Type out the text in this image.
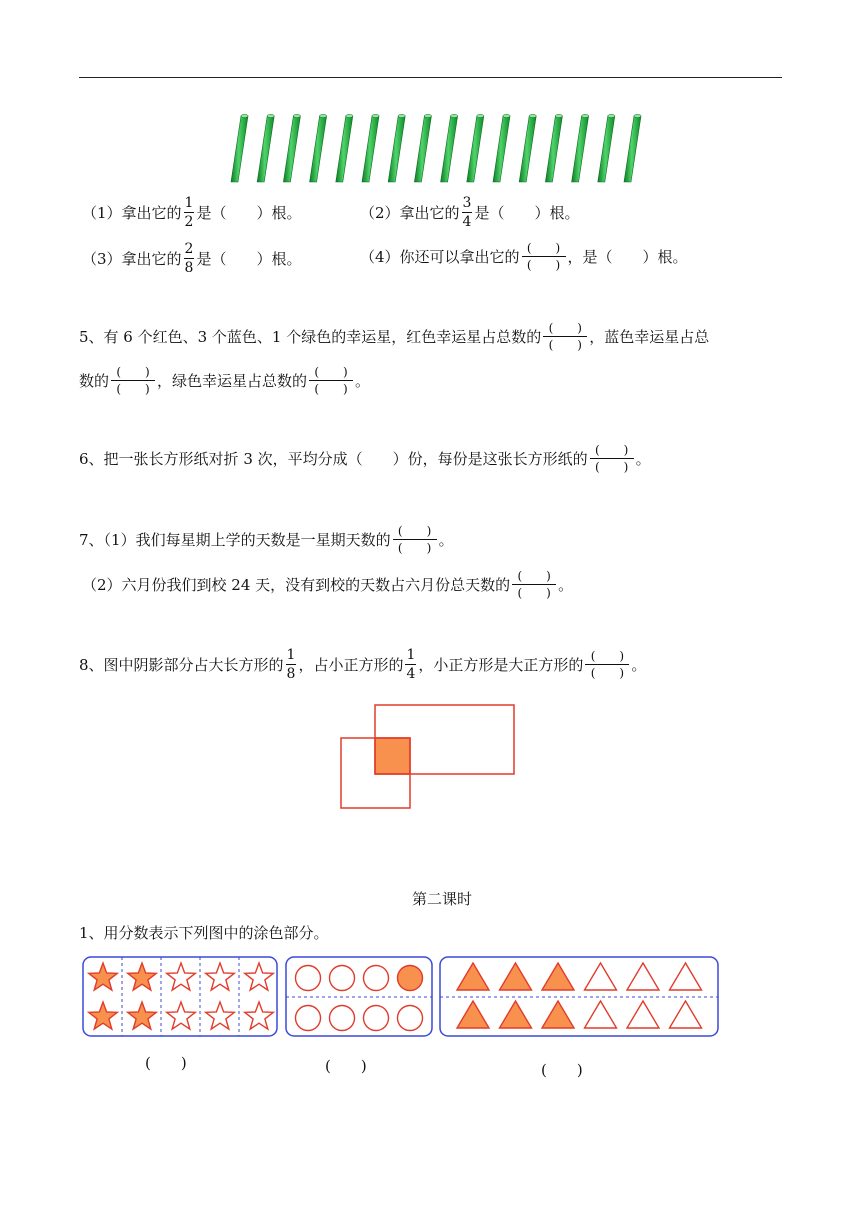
（1）拿出它的 $\frac{1}{2}$ 是（　　）根。	（2）拿出它的 $\frac{3}{4}$ 是（　　）根。
（3）拿出它的 $\frac{2}{8}$ 是（　　）根。	（4）你还可以拿出它的 $\frac{( )}{( )}$ ，是（　　）根。
5、有 6 个红色、3 个蓝色、1 个绿色的幸运星，红色幸运星占总数的 $\frac{( )}{( )}$ ，蓝色幸运星占总
数的 $\frac{( )}{( )}$ ，绿色幸运星占总数的 $\frac{( )}{( )}$ 。
6、把一张长方形纸对折 3 次，平均分成（　　）份，每份是这张长方形纸的 $\frac{( )}{( )}$ 。
7、（1）我们每星期上学的天数是一星期天数的 $\frac{( )}{( )}$ 。
（2）六月份我们到校 24 天，没有到校的天数占六月份总天数的 $\frac{( )}{( )}$ 。
8、图中阴影部分占大长方形的 $\frac{1}{8}$ ，占小正方形的 $\frac{1}{4}$ ，小正方形是大正方形的 $\frac{( )}{( )}$ 。
第二课时
1、用分数表示下列图中的涂色部分。
(　　)	(　　)	(　　)
